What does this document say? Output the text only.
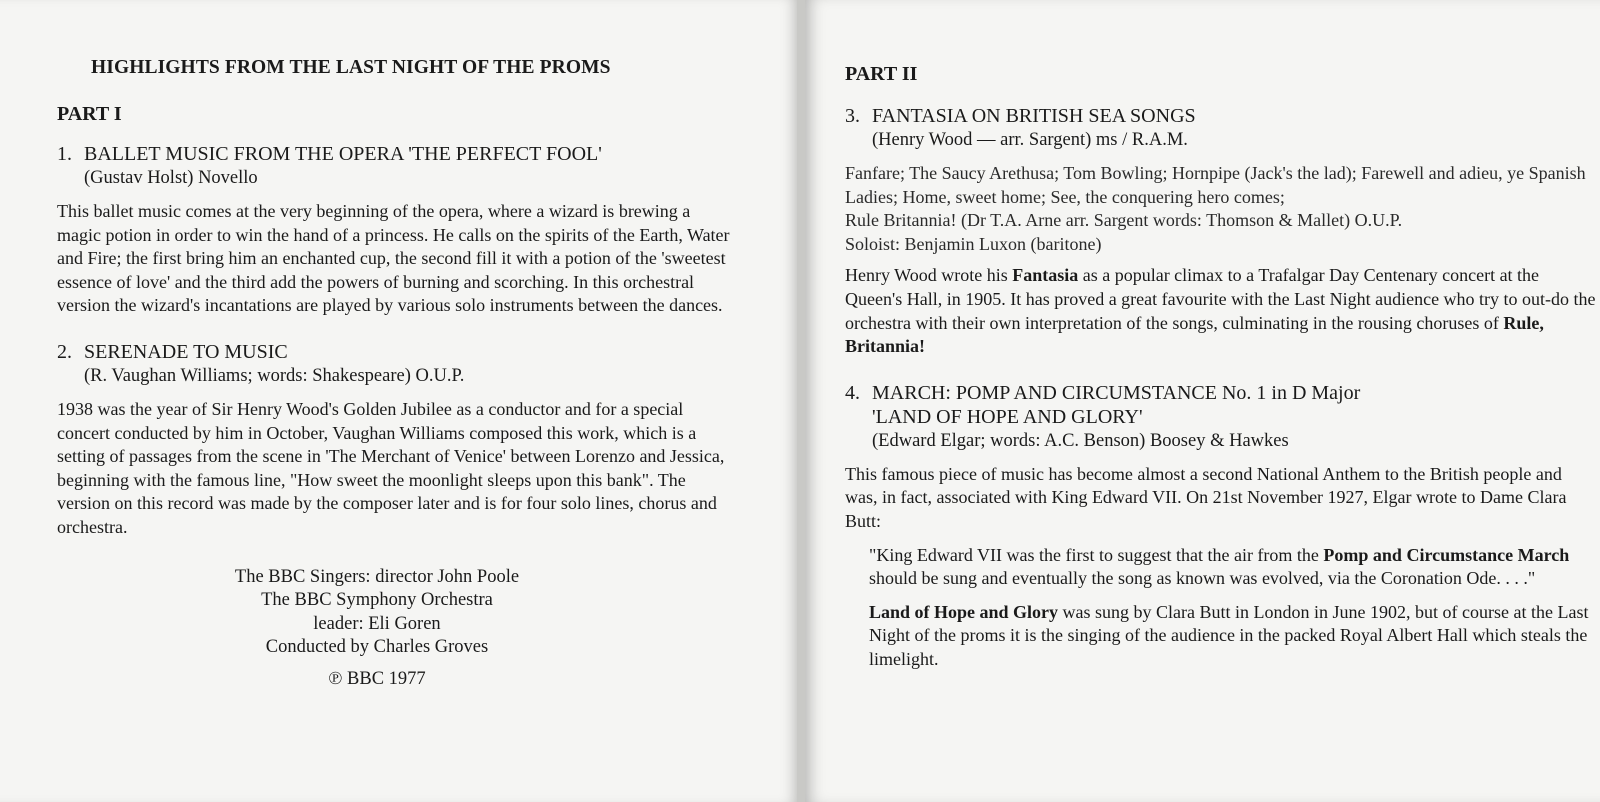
HIGHLIGHTS FROM THE LAST NIGHT OF THE PROMS
PART I
1. BALLET MUSIC FROM THE OPERA 'THE PERFECT FOOL'
(Gustav Holst) Novello

This ballet music comes at the very beginning of the opera, where a wizard is brewing a magic potion in order to win the hand of a princess. He calls on the spirits of the Earth, Water and Fire; the first bring him an enchanted cup, the second fill it with a potion of the 'sweetest essence of love' and the third add the powers of burning and scorching. In this orchestral version the wizard's incantations are played by various solo instruments between the dances.

2. SERENADE TO MUSIC
(R. Vaughan Williams; words: Shakespeare) O.U.P.

1938 was the year of Sir Henry Wood's Golden Jubilee as a conductor and for a special concert conducted by him in October, Vaughan Williams composed this work, which is a setting of passages from the scene in 'The Merchant of Venice' between Lorenzo and Jessica, beginning with the famous line, "How sweet the moonlight sleeps upon this bank". The version on this record was made by the composer later and is for four solo lines, chorus and orchestra.

The BBC Singers: director John Poole
The BBC Symphony Orchestra
leader: Eli Goren
Conducted by Charles Groves
℗ BBC 1977
PART II
3. FANTASIA ON BRITISH SEA SONGS
(Henry Wood — arr. Sargent) ms / R.A.M.

Fanfare; The Saucy Arethusa; Tom Bowling; Hornpipe (Jack's the lad); Farewell and adieu, ye Spanish Ladies; Home, sweet home; See, the conquering hero comes;

Rule Britannia! (Dr T.A. Arne arr. Sargent words: Thomson & Mallet) O.U.P.

Soloist: Benjamin Luxon (baritone)

Henry Wood wrote his Fantasia as a popular climax to a Trafalgar Day Centenary concert at the Queen's Hall, in 1905. It has proved a great favourite with the Last Night audience who try to out-do the orchestra with their own interpretation of the songs, culminating in the rousing choruses of Rule, Britannia!

4. MARCH: POMP AND CIRCUMSTANCE No. 1 in D Major
'LAND OF HOPE AND GLORY'
(Edward Elgar; words: A.C. Benson) Boosey & Hawkes

This famous piece of music has become almost a second National Anthem to the British people and was, in fact, associated with King Edward VII. On 21st November 1927, Elgar wrote to Dame Clara Butt:

"King Edward VII was the first to suggest that the air from the Pomp and Circumstance March should be sung and eventually the song as known was evolved, via the Coronation Ode. . . ."

Land of Hope and Glory was sung by Clara Butt in London in June 1902, but of course at the Last Night of the proms it is the singing of the audience in the packed Royal Albert Hall which steals the limelight.
